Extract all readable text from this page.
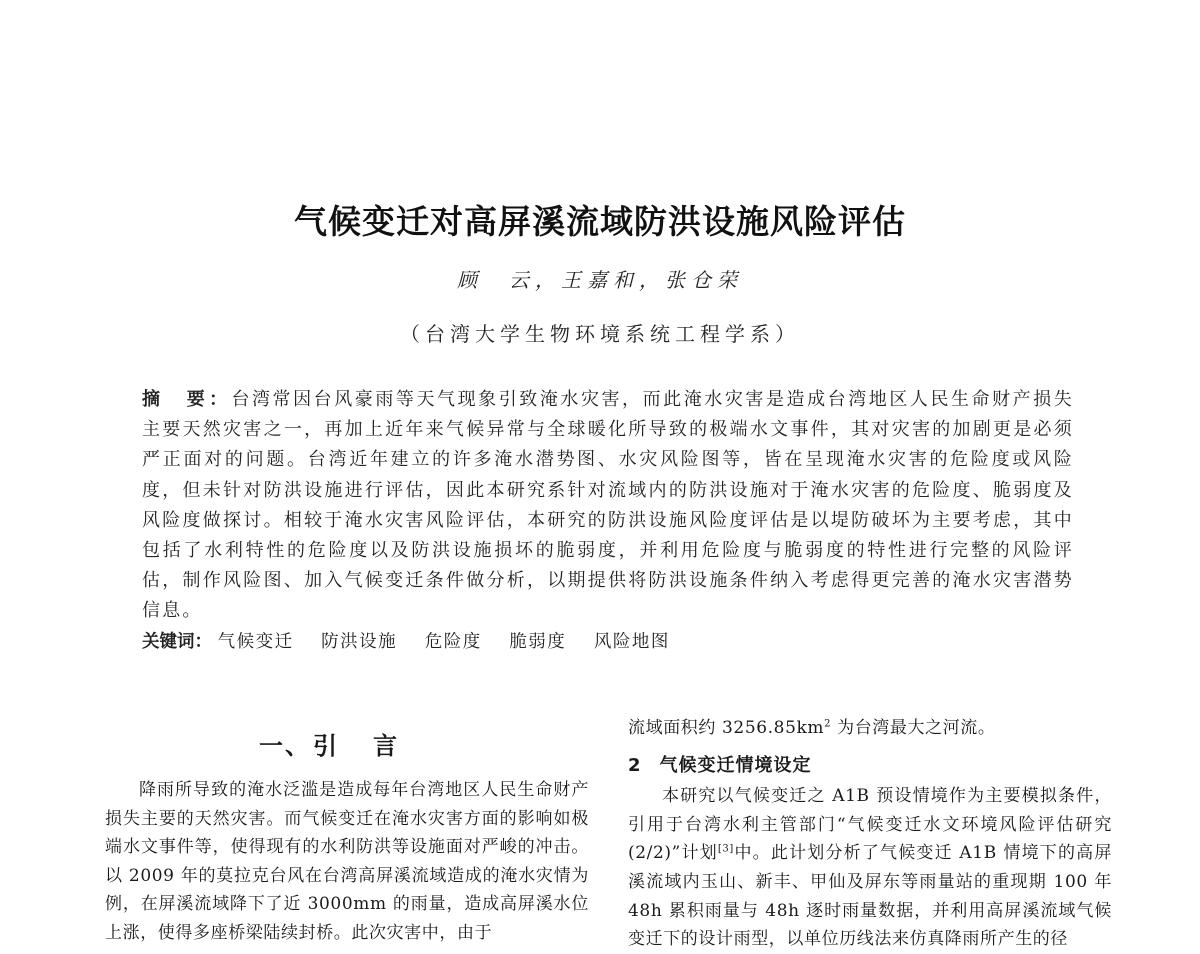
气候变迁对高屏溪流域防洪设施风险评估
顾　云，王嘉和，张仓荣
（台湾大学生物环境系统工程学系）
摘　要：台湾常因台风豪雨等天气现象引致淹水灾害，而此淹水灾害是造成台湾地区人民生命财产损失主要天然灾害之一，再加上近年来气候异常与全球暖化所导致的极端水文事件，其对灾害的加剧更是必须严正面对的问题。台湾近年建立的许多淹水潜势图、水灾风险图等，皆在呈现淹水灾害的危险度或风险度，但未针对防洪设施进行评估，因此本研究系针对流域内的防洪设施对于淹水灾害的危险度、脆弱度及风险度做探讨。相较于淹水灾害风险评估，本研究的防洪设施风险度评估是以堤防破坏为主要考虑，其中包括了水利特性的危险度以及防洪设施损坏的脆弱度，并利用危险度与脆弱度的特性进行完整的风险评估，制作风险图、加入气候变迁条件做分析，以期提供将防洪设施条件纳入考虑得更完善的淹水灾害潜势信息。
关键词： 气候变迁 防洪设施 危险度 脆弱度 风险地图
一、引言

降雨所导致的淹水泛滥是造成每年台湾地区人民生命财产损失主要的天然灾害。而气候变迁在淹水灾害方面的影响如极端水文事件等，使得现有的水利防洪等设施面对严峻的冲击。以 2009 年的莫拉克台风在台湾高屏溪流域造成的淹水灾情为例，在屏溪流域降下了近 3000mm 的雨量，造成高屏溪水位上涨，使得多座桥梁陆续封桥。此次灾害中，由于

流域面积约 $3256.85km^2$ 为台湾最大之河流。

2 气候变迁情境设定

本研究以气候变迁之 A1B 预设情境作为主要模拟条件，引用于台湾水利主管部门“气候变迁水文环境风险评估研究(2/2)”计划[3]中。此计划分析了气候变迁 A1B 情境下的高屏溪流域内玉山、新丰、甲仙及屏东等雨量站的重现期 100 年 48h 累积雨量与 48h 逐时雨量数据，并利用高屏溪流域气候变迁下的设计雨型，以单位历线法来仿真降雨所产生的径
